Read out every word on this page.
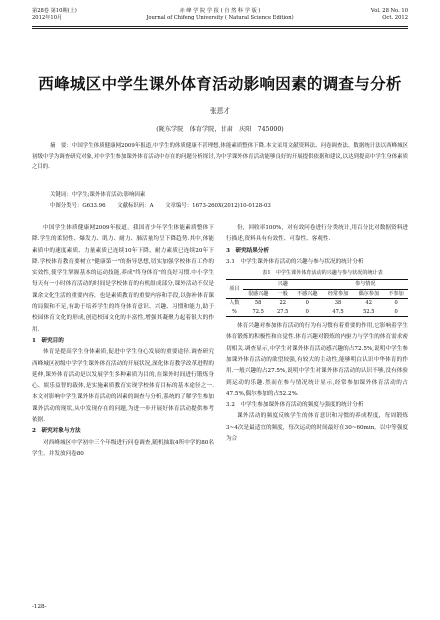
第28卷 第10期(上)
2012年10月
赤 峰 学 院 学 报 ( 自 然 科 学 版 )
Journal of Chifeng University ( Natural Science Edition)
Vol. 28 No. 10
Oct. 2012
西峰城区中学生课外体育活动影响因素的调查与分析
张恩才
(陇东学院　体育学院，甘肃　庆阳　745000)
摘　要：中国学生体质健康网2009年报道,中学生的体质健康不甚理想,体能素质整体下降.本文采用文献资料法、问卷调查法、数据统计法以西峰城区初级中学为调查研究对象,对中学生参加课外体育活动中存在的问题分析探讨,为中学课外体育活动能够良好的开展提供依据和建议,以达到提高中学生身体素质之目的.
关键词：中学生;课外体育活动;影响因素
中图分类号：G633.96 文献标识码：A 文章编号：1673-260X(2012)10-0128-03

中国学生体质健康网2009年报道，我国青少年学生体能素质整体下降.学生的柔韧性、爆发力、肌力、耐力、肺活量均呈下降趋势.其中,体能素质中的速度素质、力量素质已连续10年下降，耐力素质已连续20年下降.学校体育教育要树立"健康第一"的指导思想,切实加强学校体育工作的实效性,使学生掌握基本的运动技能,养成"终身体育"的良好习惯.中小学生每天有一小时体育活动的时间是学校体育的有机组成部分,课外活动不仅是课余文化生活的重要内容，也是素质教育的重要内容和手段,以弥补体育课的局限和不足,有助于培养学生的终身体育意识、兴趣、习惯和能力,助于校园体育文化的形成,创造校园文化的丰富性,增强其凝聚力起着很大的作用.

1　研究目的

体育是提高学生身体素质,促进中学生身心发展的重要途径.调查研究西峰城区初级中学学生课外体育活动的开展状况,深化体育教学改革进程的延伸,课外体育活动是以发展学生多种素质为目的,在课外时间进行锻炼身心、娱乐益智的载体,是实施素质教育实现学校体育目标的基本途径之一.本文对影响中学生课外体育活动的因素的调查与分析,系统的了解学生参加课外活动的现状,从中发现存在的问题,为进一步开展好体育活动提供参考依据.

2　研究对象与方法

对西峰城区中学初中三个年级进行问卷调查,随机抽取4所中学的80名学生。并发放问卷80

份，回收率100%，对有效问卷进行分类统计,用百分比对数据资料进行描述,资料具有有效性、可靠性、客观性.

3　研究结果分析

3.1　中学生课外体育活动的兴趣与参与状况的统计分析

表1　中学生课外体育活动的兴趣与参与状况的统计表

项目	兴趣			参与情况		
	很感兴趣	一般	不感兴趣	经常参加	偶尔参加	不参加
人数	58	22	0	38	42	0
%	72.5	27.5	0	47.5	52.5	0

体育兴趣对参加体育活动的行为有习惯有着重要的作用,它影响着学生体育锻炼的积极性和自觉性.体育兴趣对锻炼的内驱力与学生的体育需求密切相关.调查显示,中学生对课外体育活动感兴趣的占72.5%,说明中学生参加课外体育活动的欲望较强,有较大的主动性,能够明白认识中华体育的作用.一般兴趣的占27.5%,说明中学生对课外体育活动的认识不够,没有体验到运动的乐趣.然而在参与情况统计显示,经常参加课外体育活动的占47.5%,偶尔参加的占52.2%.

3.2　中学生参加课外体育活动的频度与强度的统计分析

课外活动的频度反映学生的体育意识和习惯的养成程度，每周锻炼3~4次是最适宜的频度，每次运动的时间最好在30~60min。以中等强度为合

-128-
